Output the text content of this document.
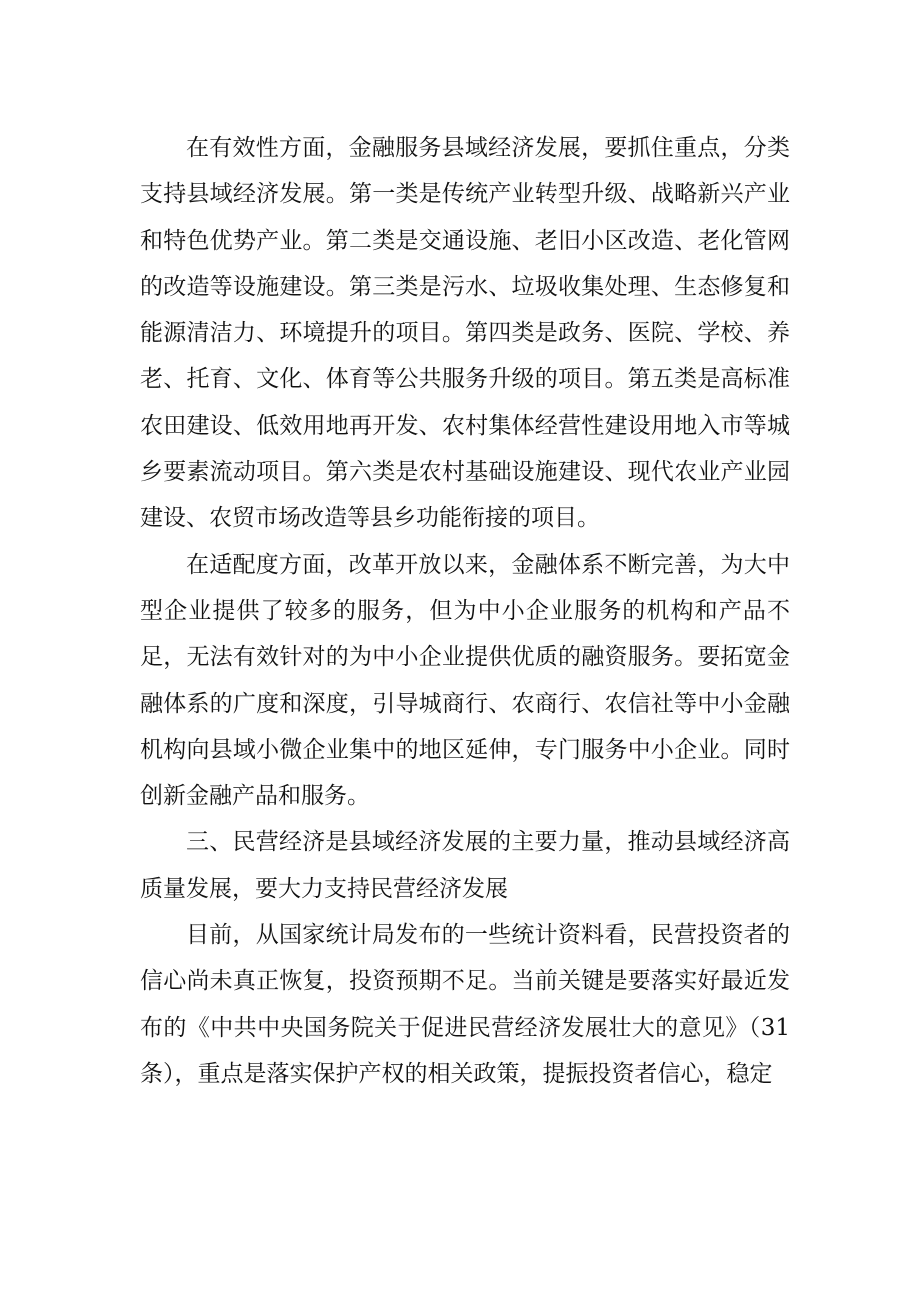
在有效性方面，金融服务县域经济发展，要抓住重点，分类支持县域经济发展。第一类是传统产业转型升级、战略新兴产业和特色优势产业。第二类是交通设施、老旧小区改造、老化管网的改造等设施建设。第三类是污水、垃圾收集处理、生态修复和能源清洁力、环境提升的项目。第四类是政务、医院、学校、养老、托育、文化、体育等公共服务升级的项目。第五类是高标准农田建设、低效用地再开发、农村集体经营性建设用地入市等城乡要素流动项目。第六类是农村基础设施建设、现代农业产业园建设、农贸市场改造等县乡功能衔接的项目。

在适配度方面，改革开放以来，金融体系不断完善，为大中型企业提供了较多的服务，但为中小企业服务的机构和产品不足，无法有效针对的为中小企业提供优质的融资服务。要拓宽金融体系的广度和深度，引导城商行、农商行、农信社等中小金融机构向县域小微企业集中的地区延伸，专门服务中小企业。同时创新金融产品和服务。

三、民营经济是县域经济发展的主要力量，推动县域经济高质量发展，要大力支持民营经济发展

目前，从国家统计局发布的一些统计资料看，民营投资者的信心尚未真正恢复，投资预期不足。当前关键是要落实好最近发布的《中共中央国务院关于促进民营经济发展壮大的意见》（31条），重点是落实保护产权的相关政策，提振投资者信心，稳定
